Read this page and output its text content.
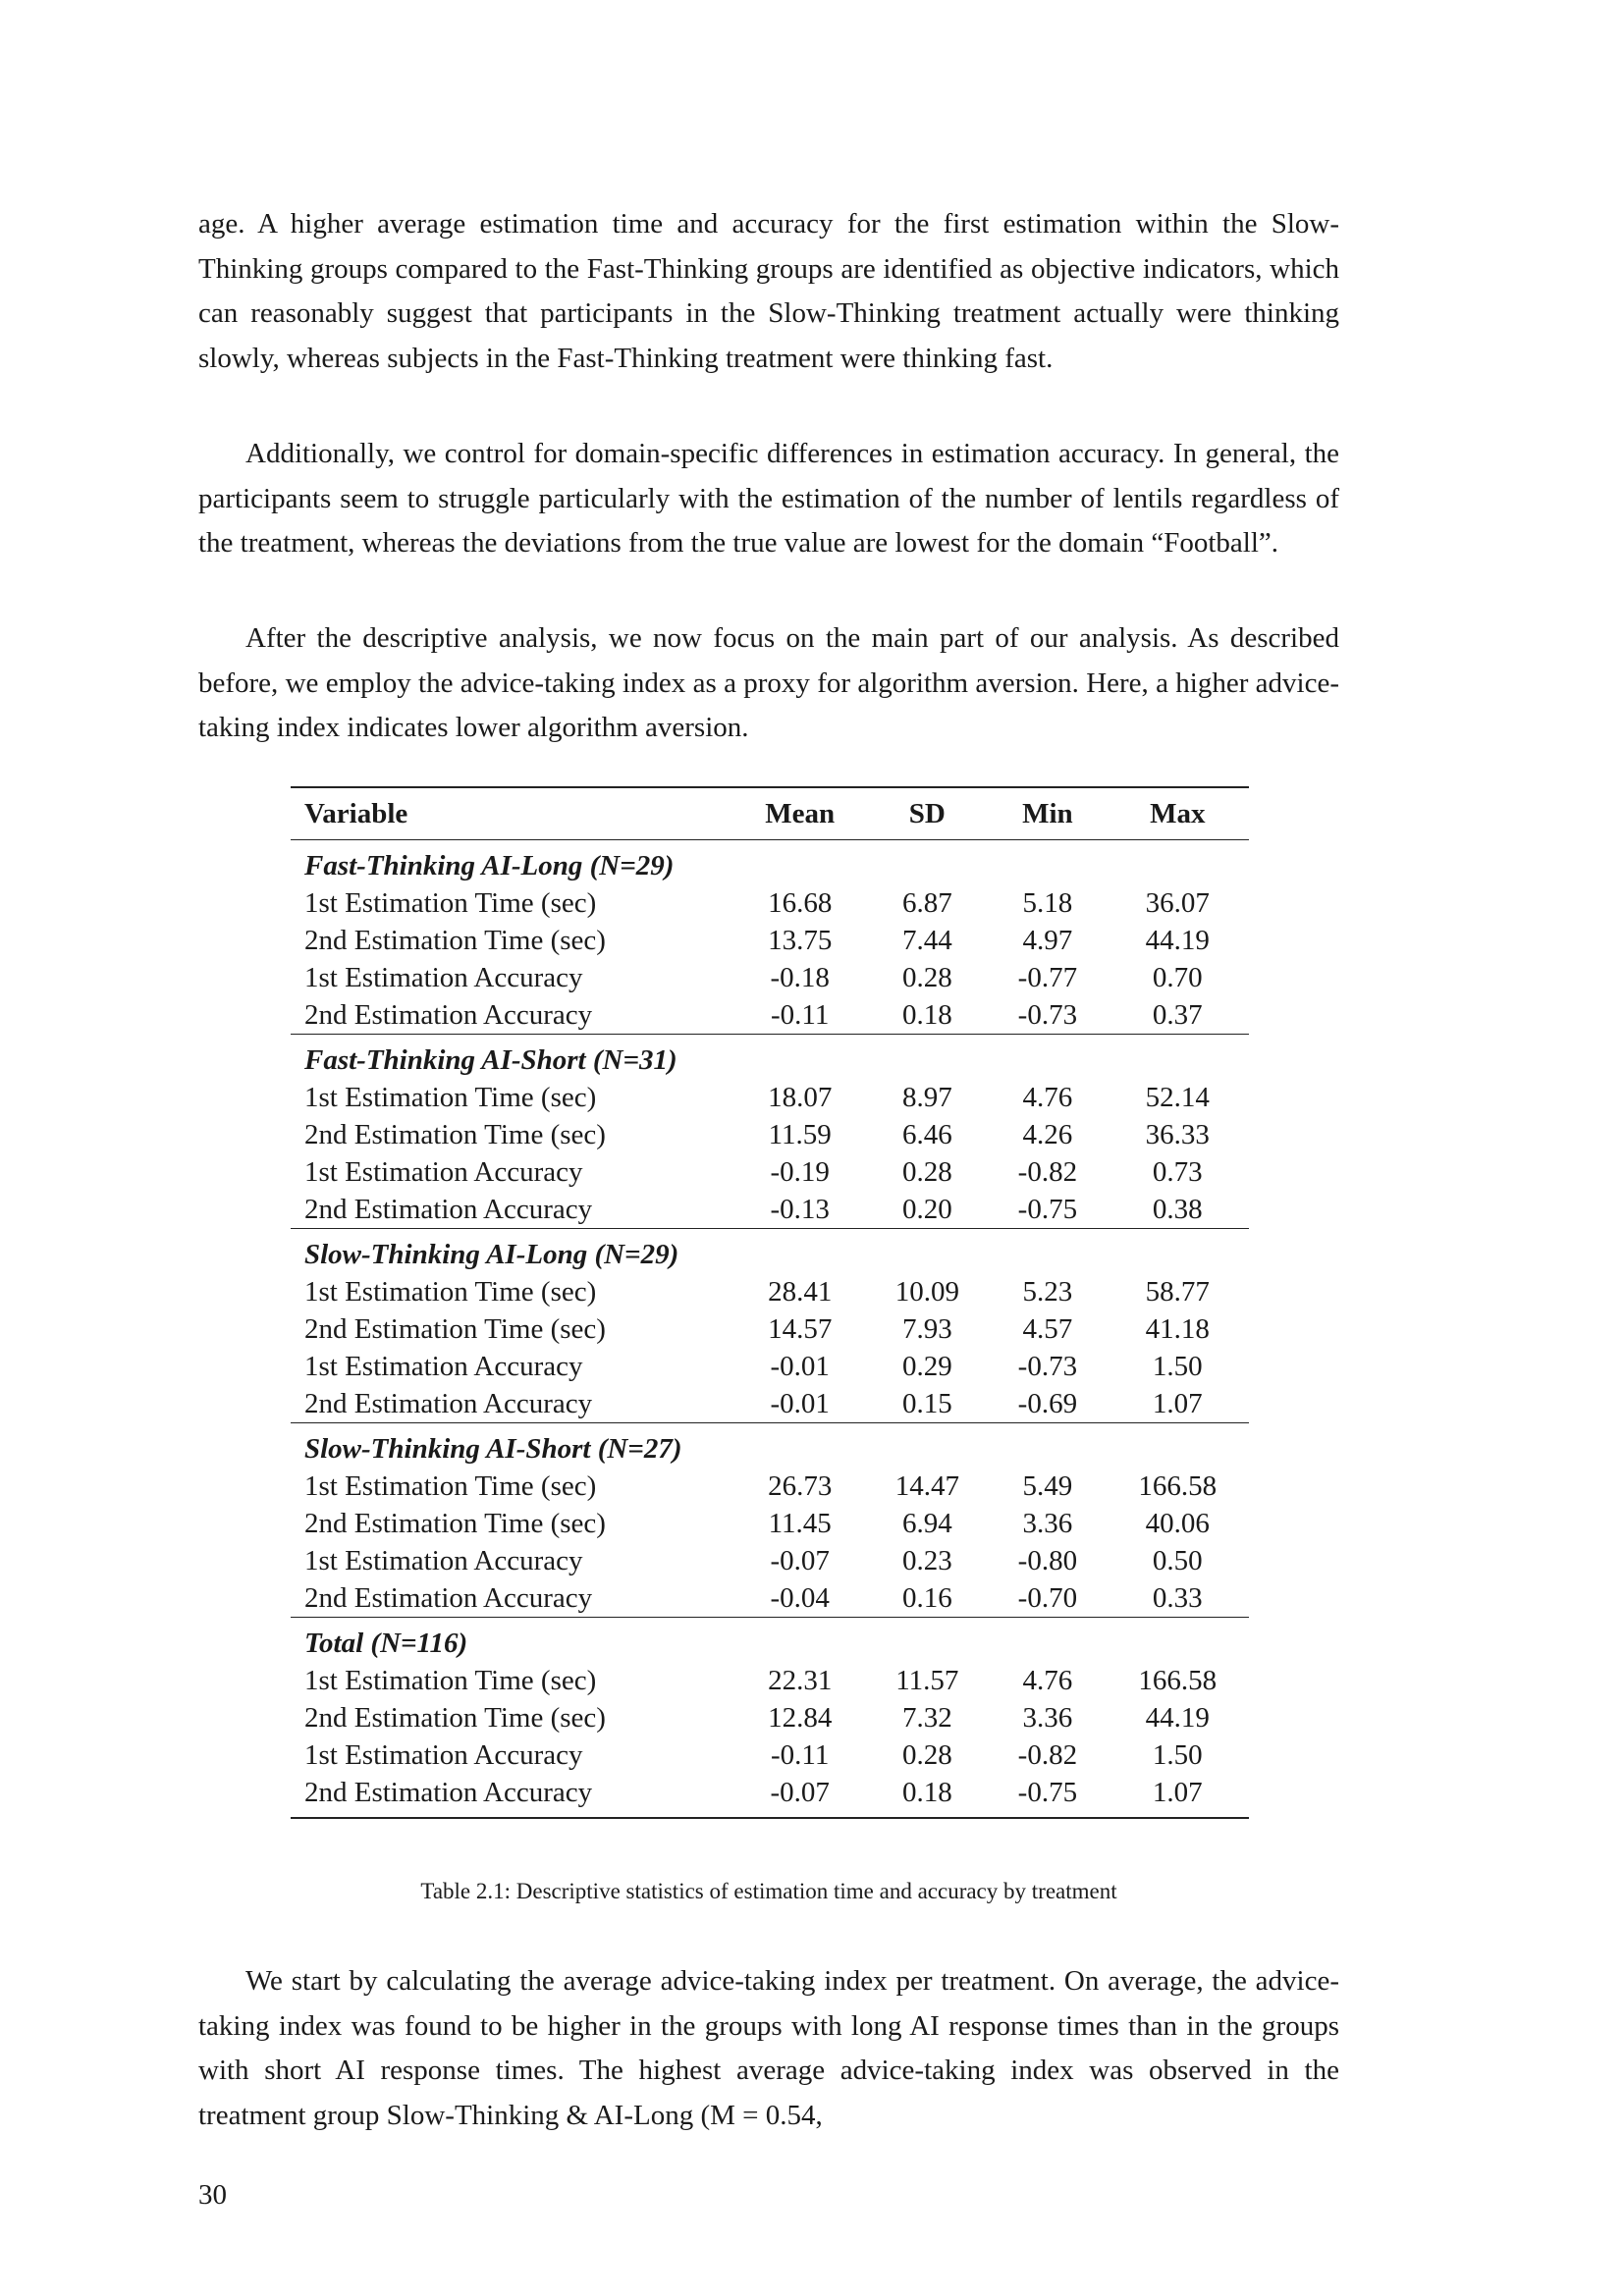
age. A higher average estimation time and accuracy for the first estimation within the Slow-Thinking groups compared to the Fast-Thinking groups are identified as objective indicators, which can reasonably suggest that participants in the Slow-Thinking treatment actually were thinking slowly, whereas subjects in the Fast-Thinking treatment were thinking fast.

Additionally, we control for domain-specific differences in estimation accuracy. In general, the participants seem to struggle particularly with the estimation of the number of lentils regardless of the treatment, whereas the deviations from the true value are lowest for the domain “Football”.

After the descriptive analysis, we now focus on the main part of our analysis. As described before, we employ the advice-taking index as a proxy for algorithm aversion. Here, a higher advice-taking index indicates lower algorithm aversion.

Variable	Mean	SD	Min	Max
Fast-Thinking AI-Long (N=29)				
1st Estimation Time (sec)	16.68	6.87	5.18	36.07
2nd Estimation Time (sec)	13.75	7.44	4.97	44.19
1st Estimation Accuracy	-0.18	0.28	-0.77	0.70
2nd Estimation Accuracy	-0.11	0.18	-0.73	0.37
Fast-Thinking AI-Short (N=31)				
1st Estimation Time (sec)	18.07	8.97	4.76	52.14
2nd Estimation Time (sec)	11.59	6.46	4.26	36.33
1st Estimation Accuracy	-0.19	0.28	-0.82	0.73
2nd Estimation Accuracy	-0.13	0.20	-0.75	0.38
Slow-Thinking AI-Long (N=29)				
1st Estimation Time (sec)	28.41	10.09	5.23	58.77
2nd Estimation Time (sec)	14.57	7.93	4.57	41.18
1st Estimation Accuracy	-0.01	0.29	-0.73	1.50
2nd Estimation Accuracy	-0.01	0.15	-0.69	1.07
Slow-Thinking AI-Short (N=27)				
1st Estimation Time (sec)	26.73	14.47	5.49	166.58
2nd Estimation Time (sec)	11.45	6.94	3.36	40.06
1st Estimation Accuracy	-0.07	0.23	-0.80	0.50
2nd Estimation Accuracy	-0.04	0.16	-0.70	0.33
Total (N=116)				
1st Estimation Time (sec)	22.31	11.57	4.76	166.58
2nd Estimation Time (sec)	12.84	7.32	3.36	44.19
1st Estimation Accuracy	-0.11	0.28	-0.82	1.50
2nd Estimation Accuracy	-0.07	0.18	-0.75	1.07
Table 2.1: Descriptive statistics of estimation time and accuracy by treatment

We start by calculating the average advice-taking index per treatment. On average, the advice-taking index was found to be higher in the groups with long AI response times than in the groups with short AI response times. The highest average advice-taking index was observed in the treatment group Slow-Thinking & AI-Long (M = 0.54,

30
